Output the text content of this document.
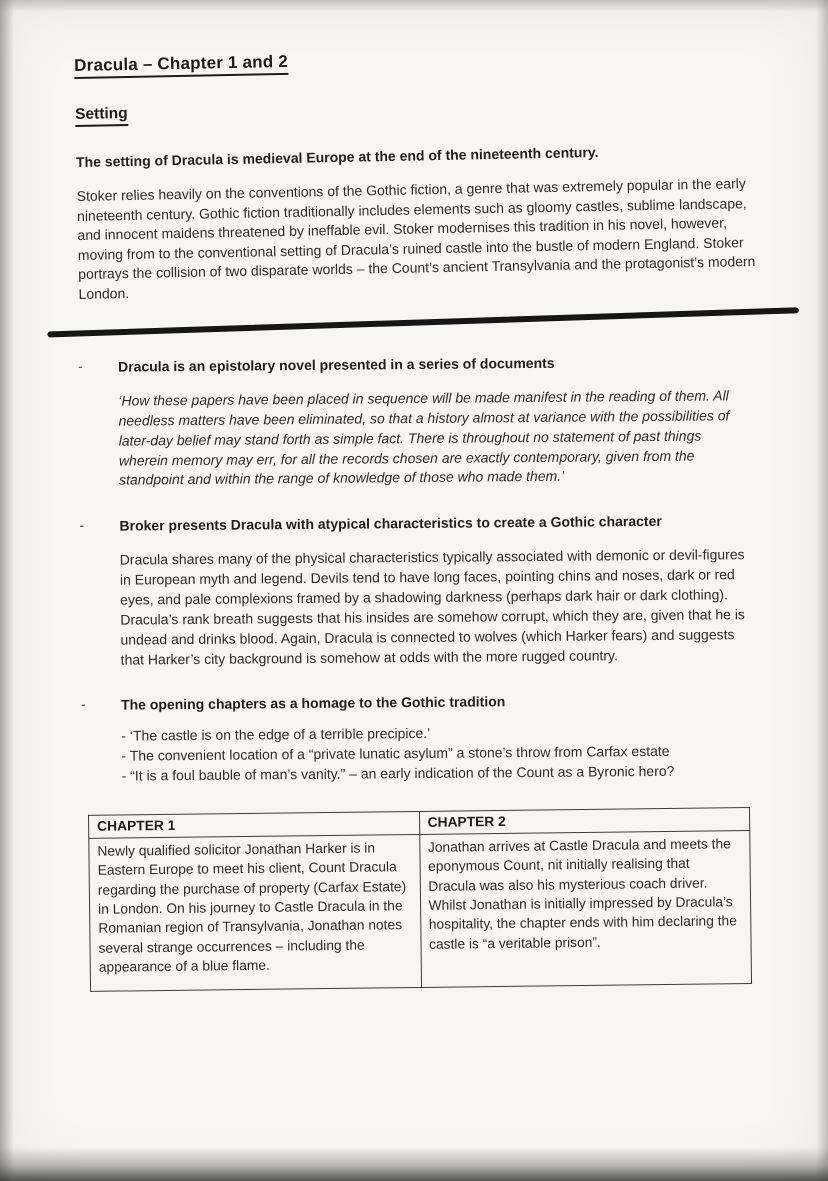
Dracula – Chapter 1 and 2
Setting

The setting of Dracula is medieval Europe at the end of the nineteenth century.

Stoker relies heavily on the conventions of the Gothic fiction, a genre that was extremely popular in the early nineteenth century. Gothic fiction traditionally includes elements such as gloomy castles, sublime landscape, and innocent maidens threatened by ineffable evil. Stoker modernises this tradition in his novel, however, moving from to the conventional setting of Dracula’s ruined castle into the bustle of modern England. Stoker portrays the collision of two disparate worlds – the Count’s ancient Transylvania and the protagonist’s modern London.

-	Dracula is an epistolary novel presented in a series of documents

‘How these papers have been placed in sequence will be made manifest in the reading of them. All needless matters have been eliminated, so that a history almost at variance with the possibilities of later-day belief may stand forth as simple fact. There is throughout no statement of past things wherein memory may err, for all the records chosen are exactly contemporary, given from the standpoint and within the range of knowledge of those who made them.’

-	Broker presents Dracula with atypical characteristics to create a Gothic character

Dracula shares many of the physical characteristics typically associated with demonic or devil-figures in European myth and legend. Devils tend to have long faces, pointing chins and noses, dark or red eyes, and pale complexions framed by a shadowing darkness (perhaps dark hair or dark clothing). Dracula’s rank breath suggests that his insides are somehow corrupt, which they are, given that he is undead and drinks blood. Again, Dracula is connected to wolves (which Harker fears) and suggests that Harker’s city background is somehow at odds with the more rugged country.

-	The opening chapters as a homage to the Gothic tradition

- ‘The castle is on the edge of a terrible precipice.’

- The convenient location of a “private lunatic asylum” a stone’s throw from Carfax estate

- “It is a foul bauble of man’s vanity.” – an early indication of the Count as a Byronic hero?

CHAPTER 1	CHAPTER 2
Newly qualified solicitor Jonathan Harker is in Eastern Europe to meet his client, Count Dracula regarding the purchase of property (Carfax Estate) in London. On his journey to Castle Dracula in the Romanian region of Transylvania, Jonathan notes several strange occurrences – including the appearance of a blue flame.	Jonathan arrives at Castle Dracula and meets the eponymous Count, nit initially realising that Dracula was also his mysterious coach driver. Whilst Jonathan is initially impressed by Dracula’s hospitality, the chapter ends with him declaring the castle is “a veritable prison”.
